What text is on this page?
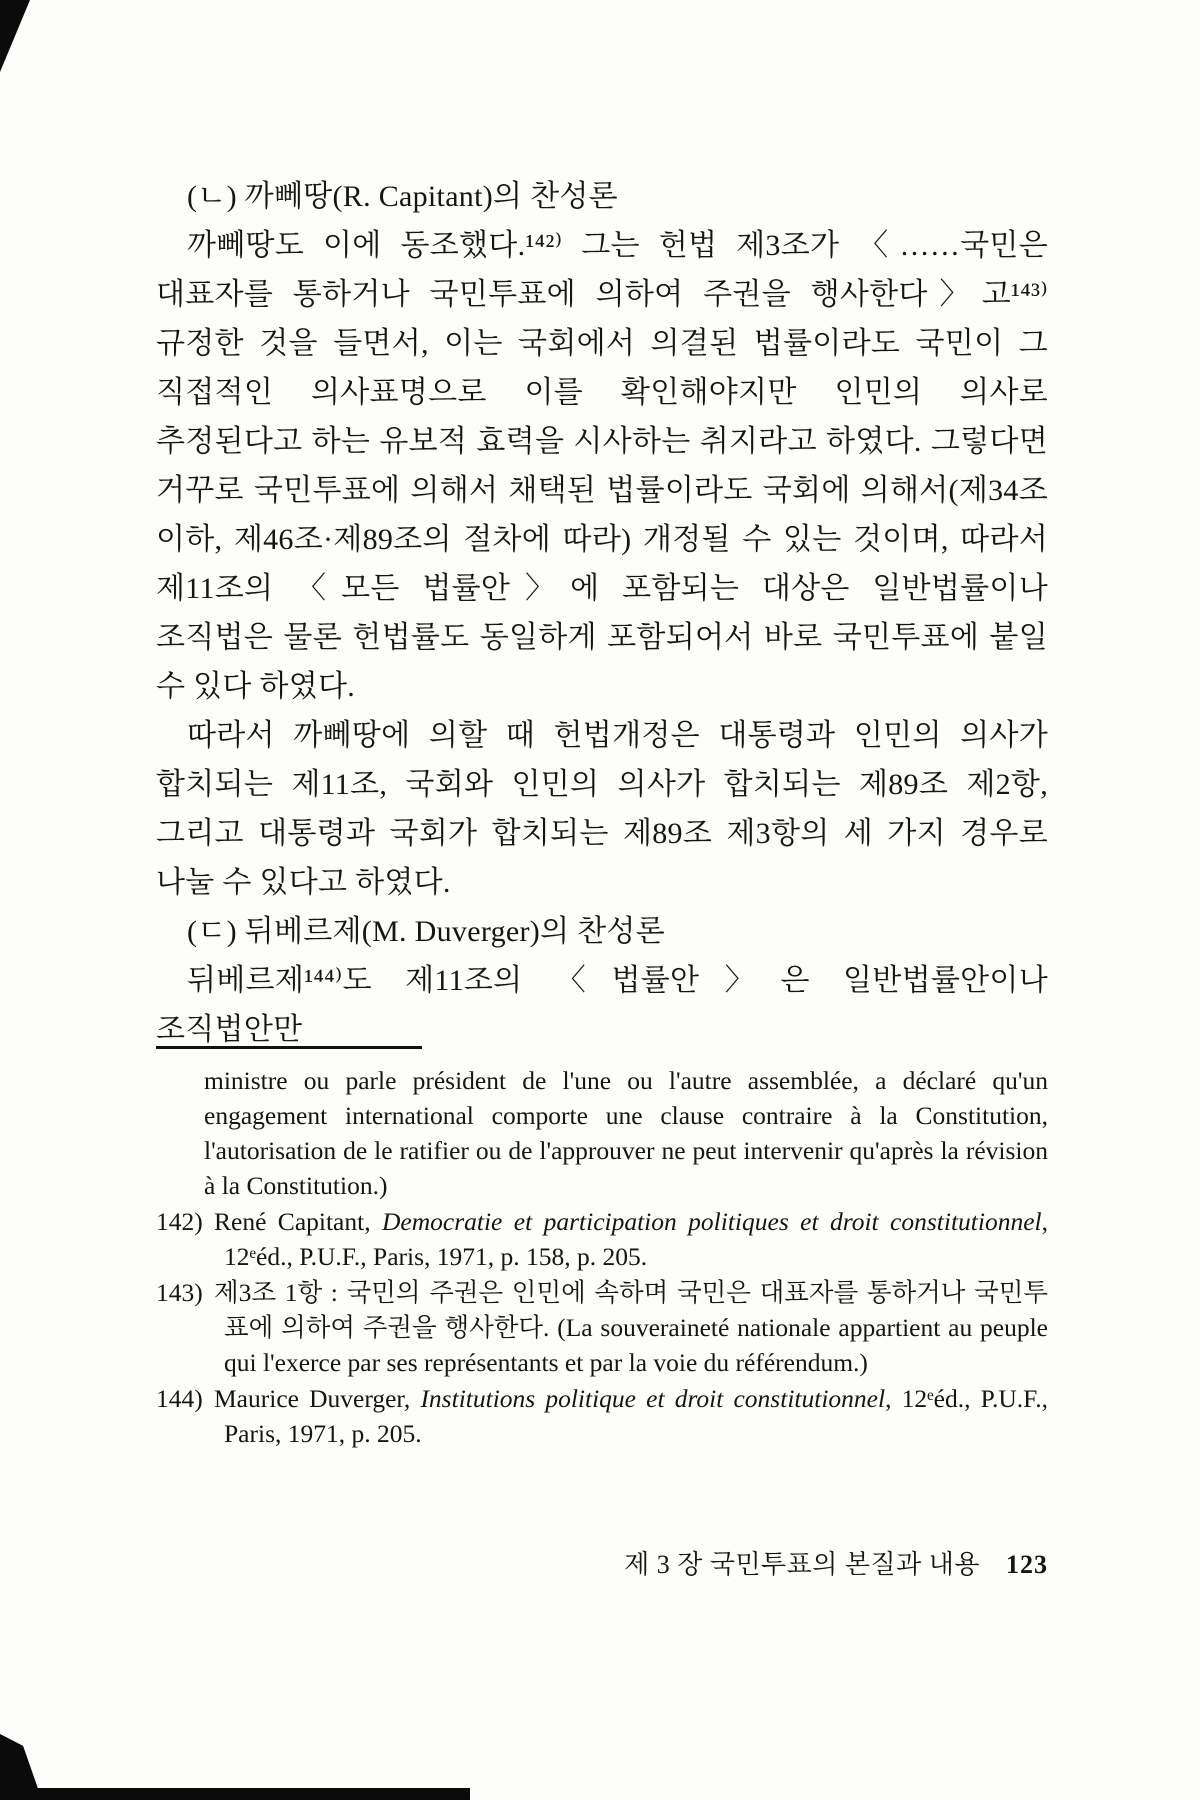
(ㄴ) 까뻬땅(R. Capitant)의 찬성론

까뻬땅도 이에 동조했다.¹⁴²⁾ 그는 헌법 제3조가 〈……국민은 대표자를 통하거나 국민투표에 의하여 주권을 행사한다〉고¹⁴³⁾ 규정한 것을 들면서, 이는 국회에서 의결된 법률이라도 국민이 그 직접적인 의사표명으로 이를 확인해야지만 인민의 의사로 추정된다고 하는 유보적 효력을 시사하는 취지라고 하였다. 그렇다면 거꾸로 국민투표에 의해서 채택된 법률이라도 국회에 의해서(제34조 이하, 제46조·제89조의 절차에 따라) 개정될 수 있는 것이며, 따라서 제11조의 〈모든 법률안〉에 포함되는 대상은 일반법률이나 조직법은 물론 헌법률도 동일하게 포함되어서 바로 국민투표에 붙일 수 있다 하였다.

따라서 까뻬땅에 의할 때 헌법개정은 대통령과 인민의 의사가 합치되는 제11조, 국회와 인민의 의사가 합치되는 제89조 제2항, 그리고 대통령과 국회가 합치되는 제89조 제3항의 세 가지 경우로 나눌 수 있다고 하였다.

(ㄷ) 뒤베르제(M. Duverger)의 찬성론

뒤베르제¹⁴⁴⁾도 제11조의 〈법률안〉은 일반법률안이나 조직법안만

ministre ou parle président de l'une ou l'autre assemblée, a déclaré qu'un engagement international comporte une clause contraire à la Constitution, l'autorisation de le ratifier ou de l'approuver ne peut intervenir qu'après la révision à la Constitution.)

142) René Capitant, Democratie et participation politiques et droit constitutionnel, 12ᵉéd., P.U.F., Paris, 1971, p. 158, p. 205.

143) 제3조 1항 : 국민의 주권은 인민에 속하며 국민은 대표자를 통하거나 국민투표에 의하여 주권을 행사한다. (La souveraineté nationale appartient au peuple qui l'exerce par ses représentants et par la voie du référendum.)

144) Maurice Duverger, Institutions politique et droit constitutionnel, 12ᵉéd., P.U.F., Paris, 1971, p. 205.

제 3 장 국민투표의 본질과 내용 123
